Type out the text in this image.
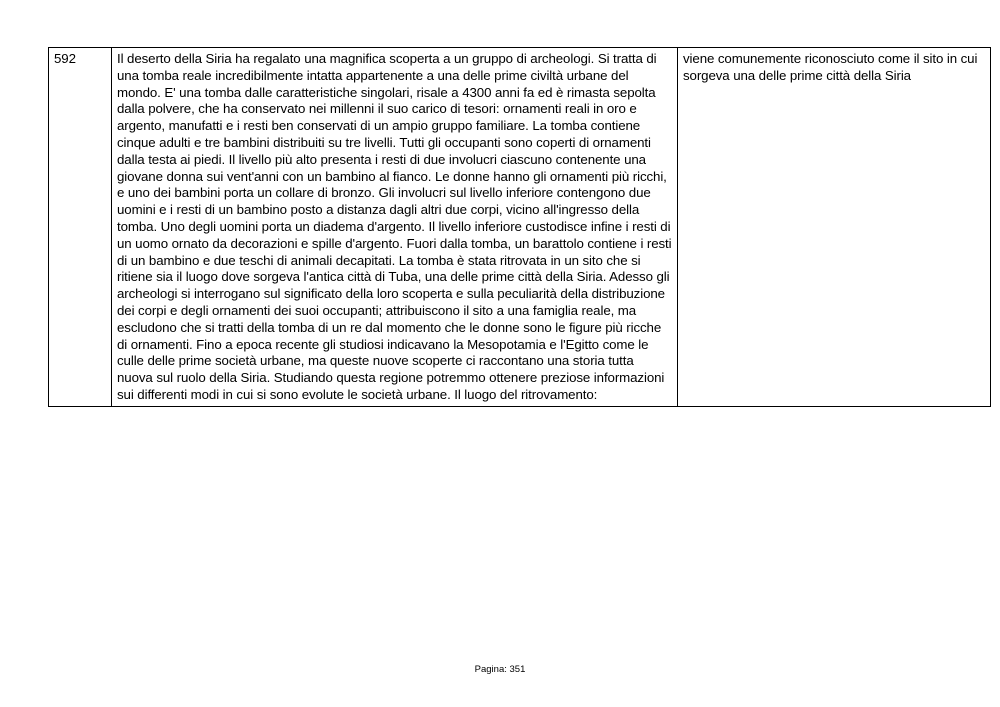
592	Il deserto della Siria ha regalato una magnifica scoperta a un gruppo di archeologi. Si tratta di una tomba reale incredibilmente intatta appartenente a una delle prime civiltà urbane del mondo. E' una tomba dalle caratteristiche singolari, risale a 4300 anni fa ed è rimasta sepolta dalla polvere, che ha conservato nei millenni il suo carico di tesori: ornamenti reali in oro e argento, manufatti e i resti ben conservati di un ampio gruppo familiare. La tomba contiene cinque adulti e tre bambini distribuiti su tre livelli. Tutti gli occupanti sono coperti di ornamenti dalla testa ai piedi. Il livello più alto presenta i resti di due involucri ciascuno contenente una giovane donna sui vent'anni con un bambino al fianco. Le donne hanno gli ornamenti più ricchi, e uno dei bambini porta un collare di bronzo. Gli involucri sul livello inferiore contengono due uomini e i resti di un bambino posto a distanza dagli altri due corpi, vicino all'ingresso della tomba. Uno degli uomini porta un diadema d'argento. Il livello inferiore custodisce infine i resti di un uomo ornato da decorazioni e spille d'argento. Fuori dalla tomba, un barattolo contiene i resti di un bambino e due teschi di animali decapitati. La tomba è stata ritrovata in un sito che si ritiene sia il luogo dove sorgeva l'antica città di Tuba, una delle prime città della Siria. Adesso gli archeologi si interrogano sul significato della loro scoperta e sulla peculiarità della distribuzione dei corpi e degli ornamenti dei suoi occupanti; attribuiscono il sito a una famiglia reale, ma escludono che si tratti della tomba di un re dal momento che le donne sono le figure più ricche di ornamenti. Fino a epoca recente gli studiosi indicavano la Mesopotamia e l'Egitto come le culle delle prime società urbane, ma queste nuove scoperte ci raccontano una storia tutta nuova sul ruolo della Siria. Studiando questa regione potremmo ottenere preziose informazioni sui differenti modi in cui si sono evolute le società urbane. Il luogo del ritrovamento:	viene comunemente riconosciuto come il sito in cui sorgeva una delle prime città della Siria
Pagina: 351
